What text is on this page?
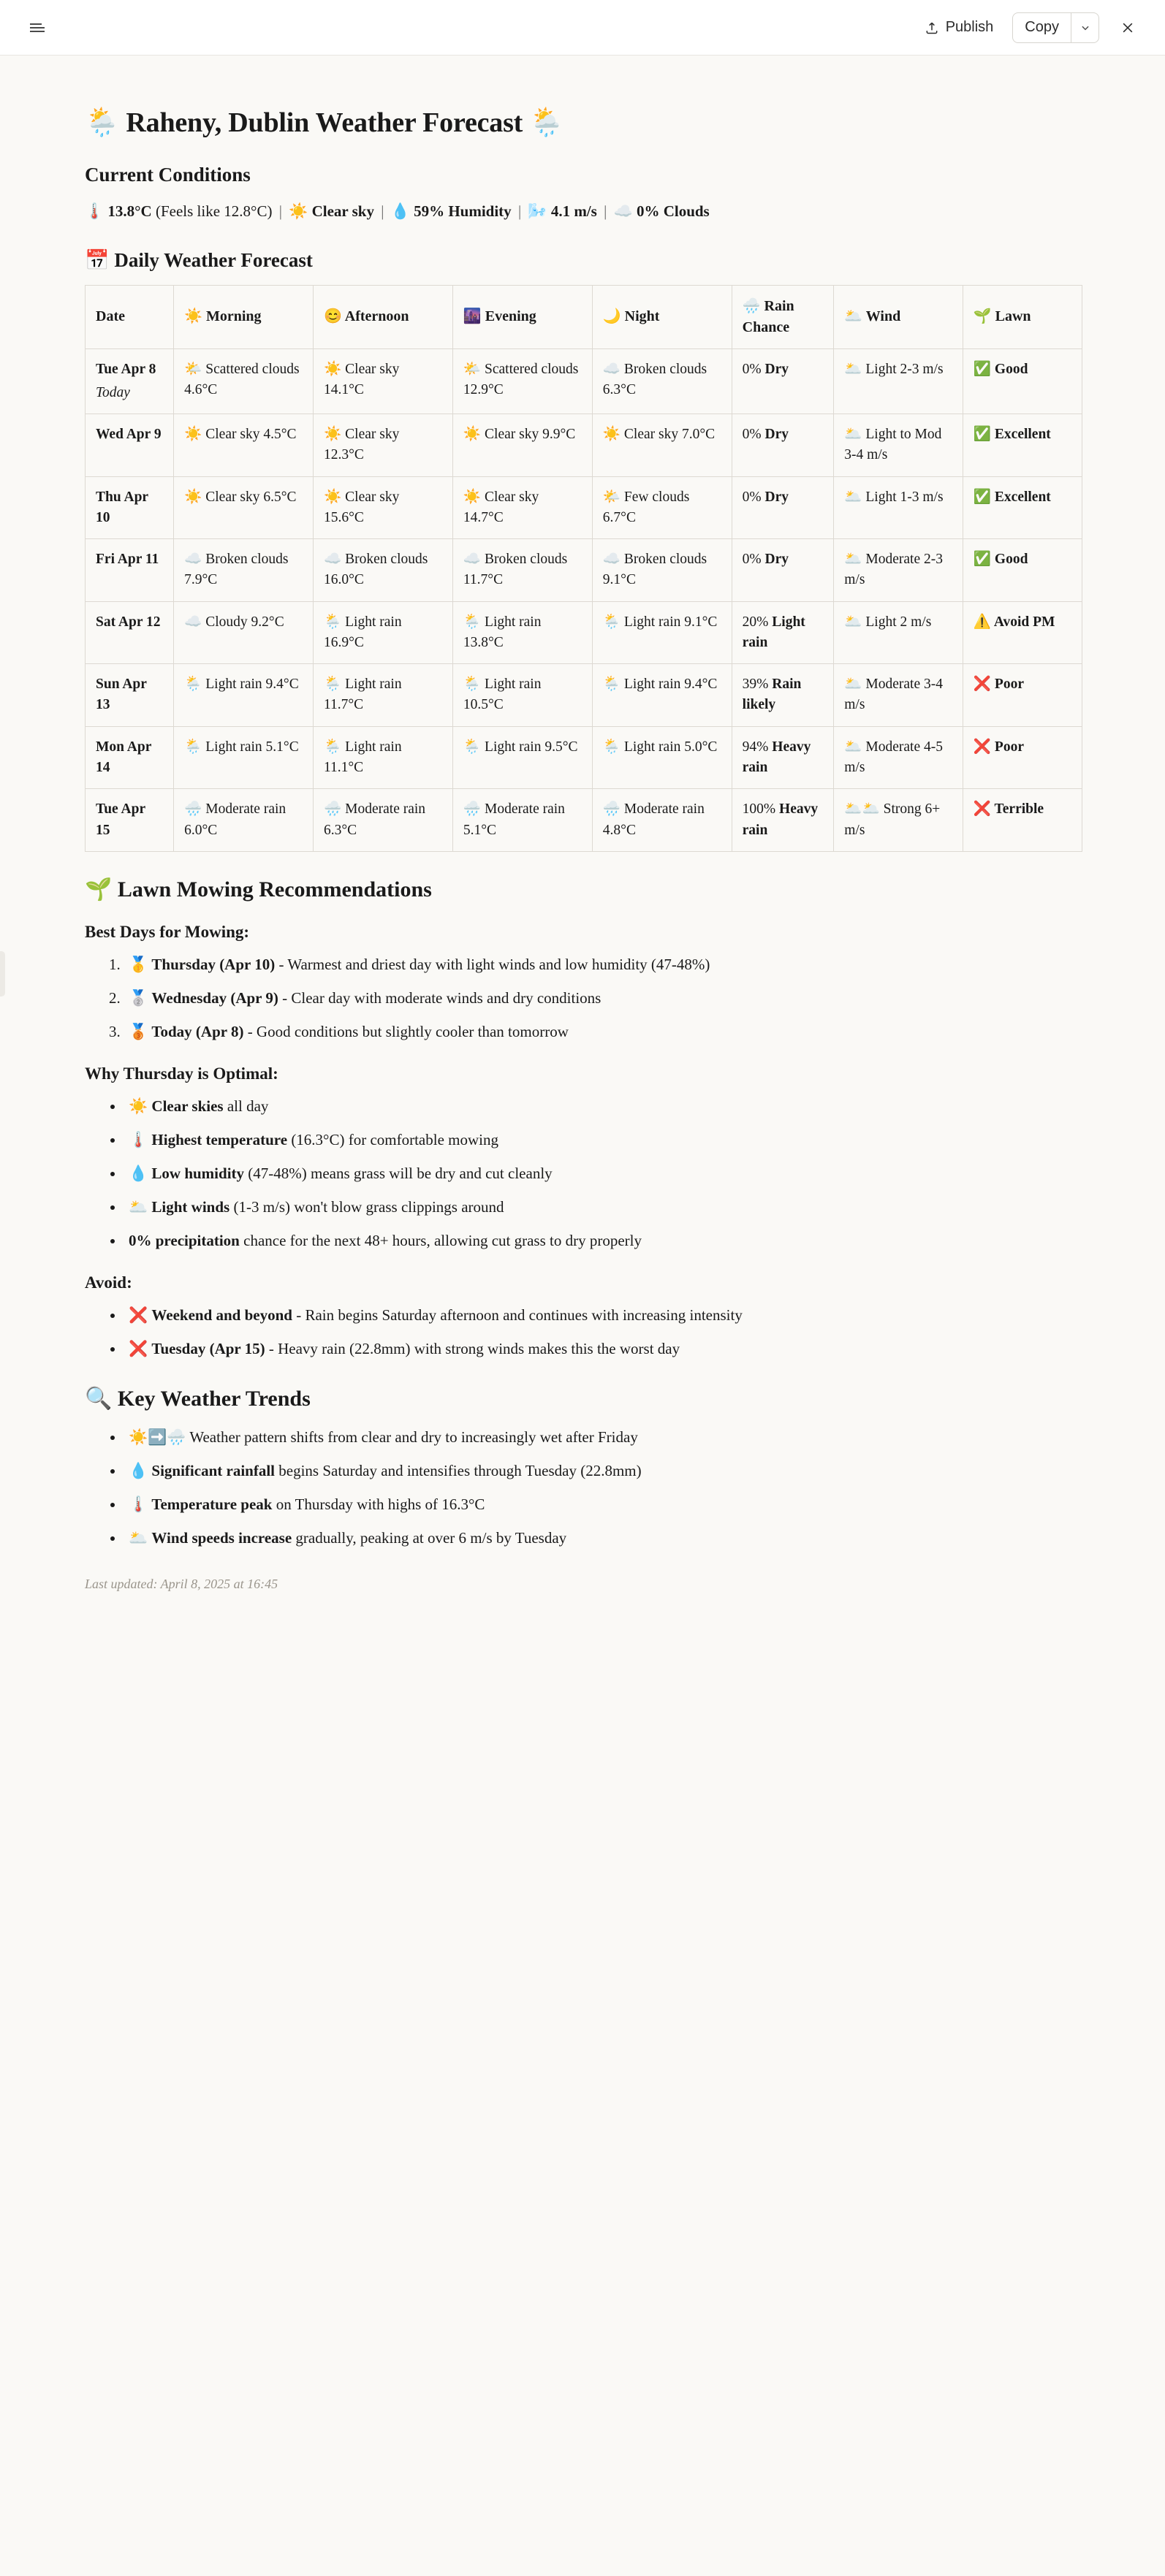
Publish	Copy
🌦️ Raheny, Dublin Weather Forecast 🌦️
Current Conditions

🌡️ 13.8°C (Feels like 12.8°C) | ☀️ Clear sky | 💧 59% Humidity | 🌬️ 4.1 m/s | ☁️ 0% Clouds

📅 Daily Weather Forecast
Date	☀️ Morning	😊 Afternoon	🌆 Evening	🌙 Night	🌧️ Rain Chance	🌥️ Wind	🌱 Lawn
Tue Apr 8
Today	🌤️ Scattered clouds 4.6°C	☀️ Clear sky 14.1°C	🌤️ Scattered clouds 12.9°C	☁️ Broken clouds 6.3°C	0% Dry	🌥️ Light 2-3 m/s	✅ Good
Wed Apr 9	☀️ Clear sky 4.5°C	☀️ Clear sky 12.3°C	☀️ Clear sky 9.9°C	☀️ Clear sky 7.0°C	0% Dry	🌥️ Light to Mod 3-4 m/s	✅ Excellent
Thu Apr 10	☀️ Clear sky 6.5°C	☀️ Clear sky 15.6°C	☀️ Clear sky 14.7°C	🌤️ Few clouds 6.7°C	0% Dry	🌥️ Light 1-3 m/s	✅ Excellent
Fri Apr 11	☁️ Broken clouds 7.9°C	☁️ Broken clouds 16.0°C	☁️ Broken clouds 11.7°C	☁️ Broken clouds 9.1°C	0% Dry	🌥️ Moderate 2-3 m/s	✅ Good
Sat Apr 12	☁️ Cloudy 9.2°C	🌦️ Light rain 16.9°C	🌦️ Light rain 13.8°C	🌦️ Light rain 9.1°C	20% Light rain	🌥️ Light 2 m/s	⚠️ Avoid PM
Sun Apr 13	🌦️ Light rain 9.4°C	🌦️ Light rain 11.7°C	🌦️ Light rain 10.5°C	🌦️ Light rain 9.4°C	39% Rain likely	🌥️ Moderate 3-4 m/s	❌ Poor
Mon Apr 14	🌦️ Light rain 5.1°C	🌦️ Light rain 11.1°C	🌦️ Light rain 9.5°C	🌦️ Light rain 5.0°C	94% Heavy rain	🌥️ Moderate 4-5 m/s	❌ Poor
Tue Apr 15	🌧️ Moderate rain 6.0°C	🌧️ Moderate rain 6.3°C	🌧️ Moderate rain 5.1°C	🌧️ Moderate rain 4.8°C	100% Heavy rain	🌥️🌥️ Strong 6+ m/s	❌ Terrible
🌱 Lawn Mowing Recommendations
Best Days for Mowing:
1. 🥇 Thursday (Apr 10) - Warmest and driest day with light winds and low humidity (47-48%)
2. 🥈 Wednesday (Apr 9) - Clear day with moderate winds and dry conditions
3. 🥉 Today (Apr 8) - Good conditions but slightly cooler than tomorrow
Why Thursday is Optimal:
• ☀️ Clear skies all day
• 🌡️ Highest temperature (16.3°C) for comfortable mowing
• 💧 Low humidity (47-48%) means grass will be dry and cut cleanly
• 🌥️ Light winds (1-3 m/s) won't blow grass clippings around
• 0% precipitation chance for the next 48+ hours, allowing cut grass to dry properly
Avoid:
• ❌ Weekend and beyond - Rain begins Saturday afternoon and continues with increasing intensity
• ❌ Tuesday (Apr 15) - Heavy rain (22.8mm) with strong winds makes this the worst day
🔍 Key Weather Trends
• ☀️➡️🌧️ Weather pattern shifts from clear and dry to increasingly wet after Friday
• 💧 Significant rainfall begins Saturday and intensifies through Tuesday (22.8mm)
• 🌡️ Temperature peak on Thursday with highs of 16.3°C
• 🌥️ Wind speeds increase gradually, peaking at over 6 m/s by Tuesday
Last updated: April 8, 2025 at 16:45
